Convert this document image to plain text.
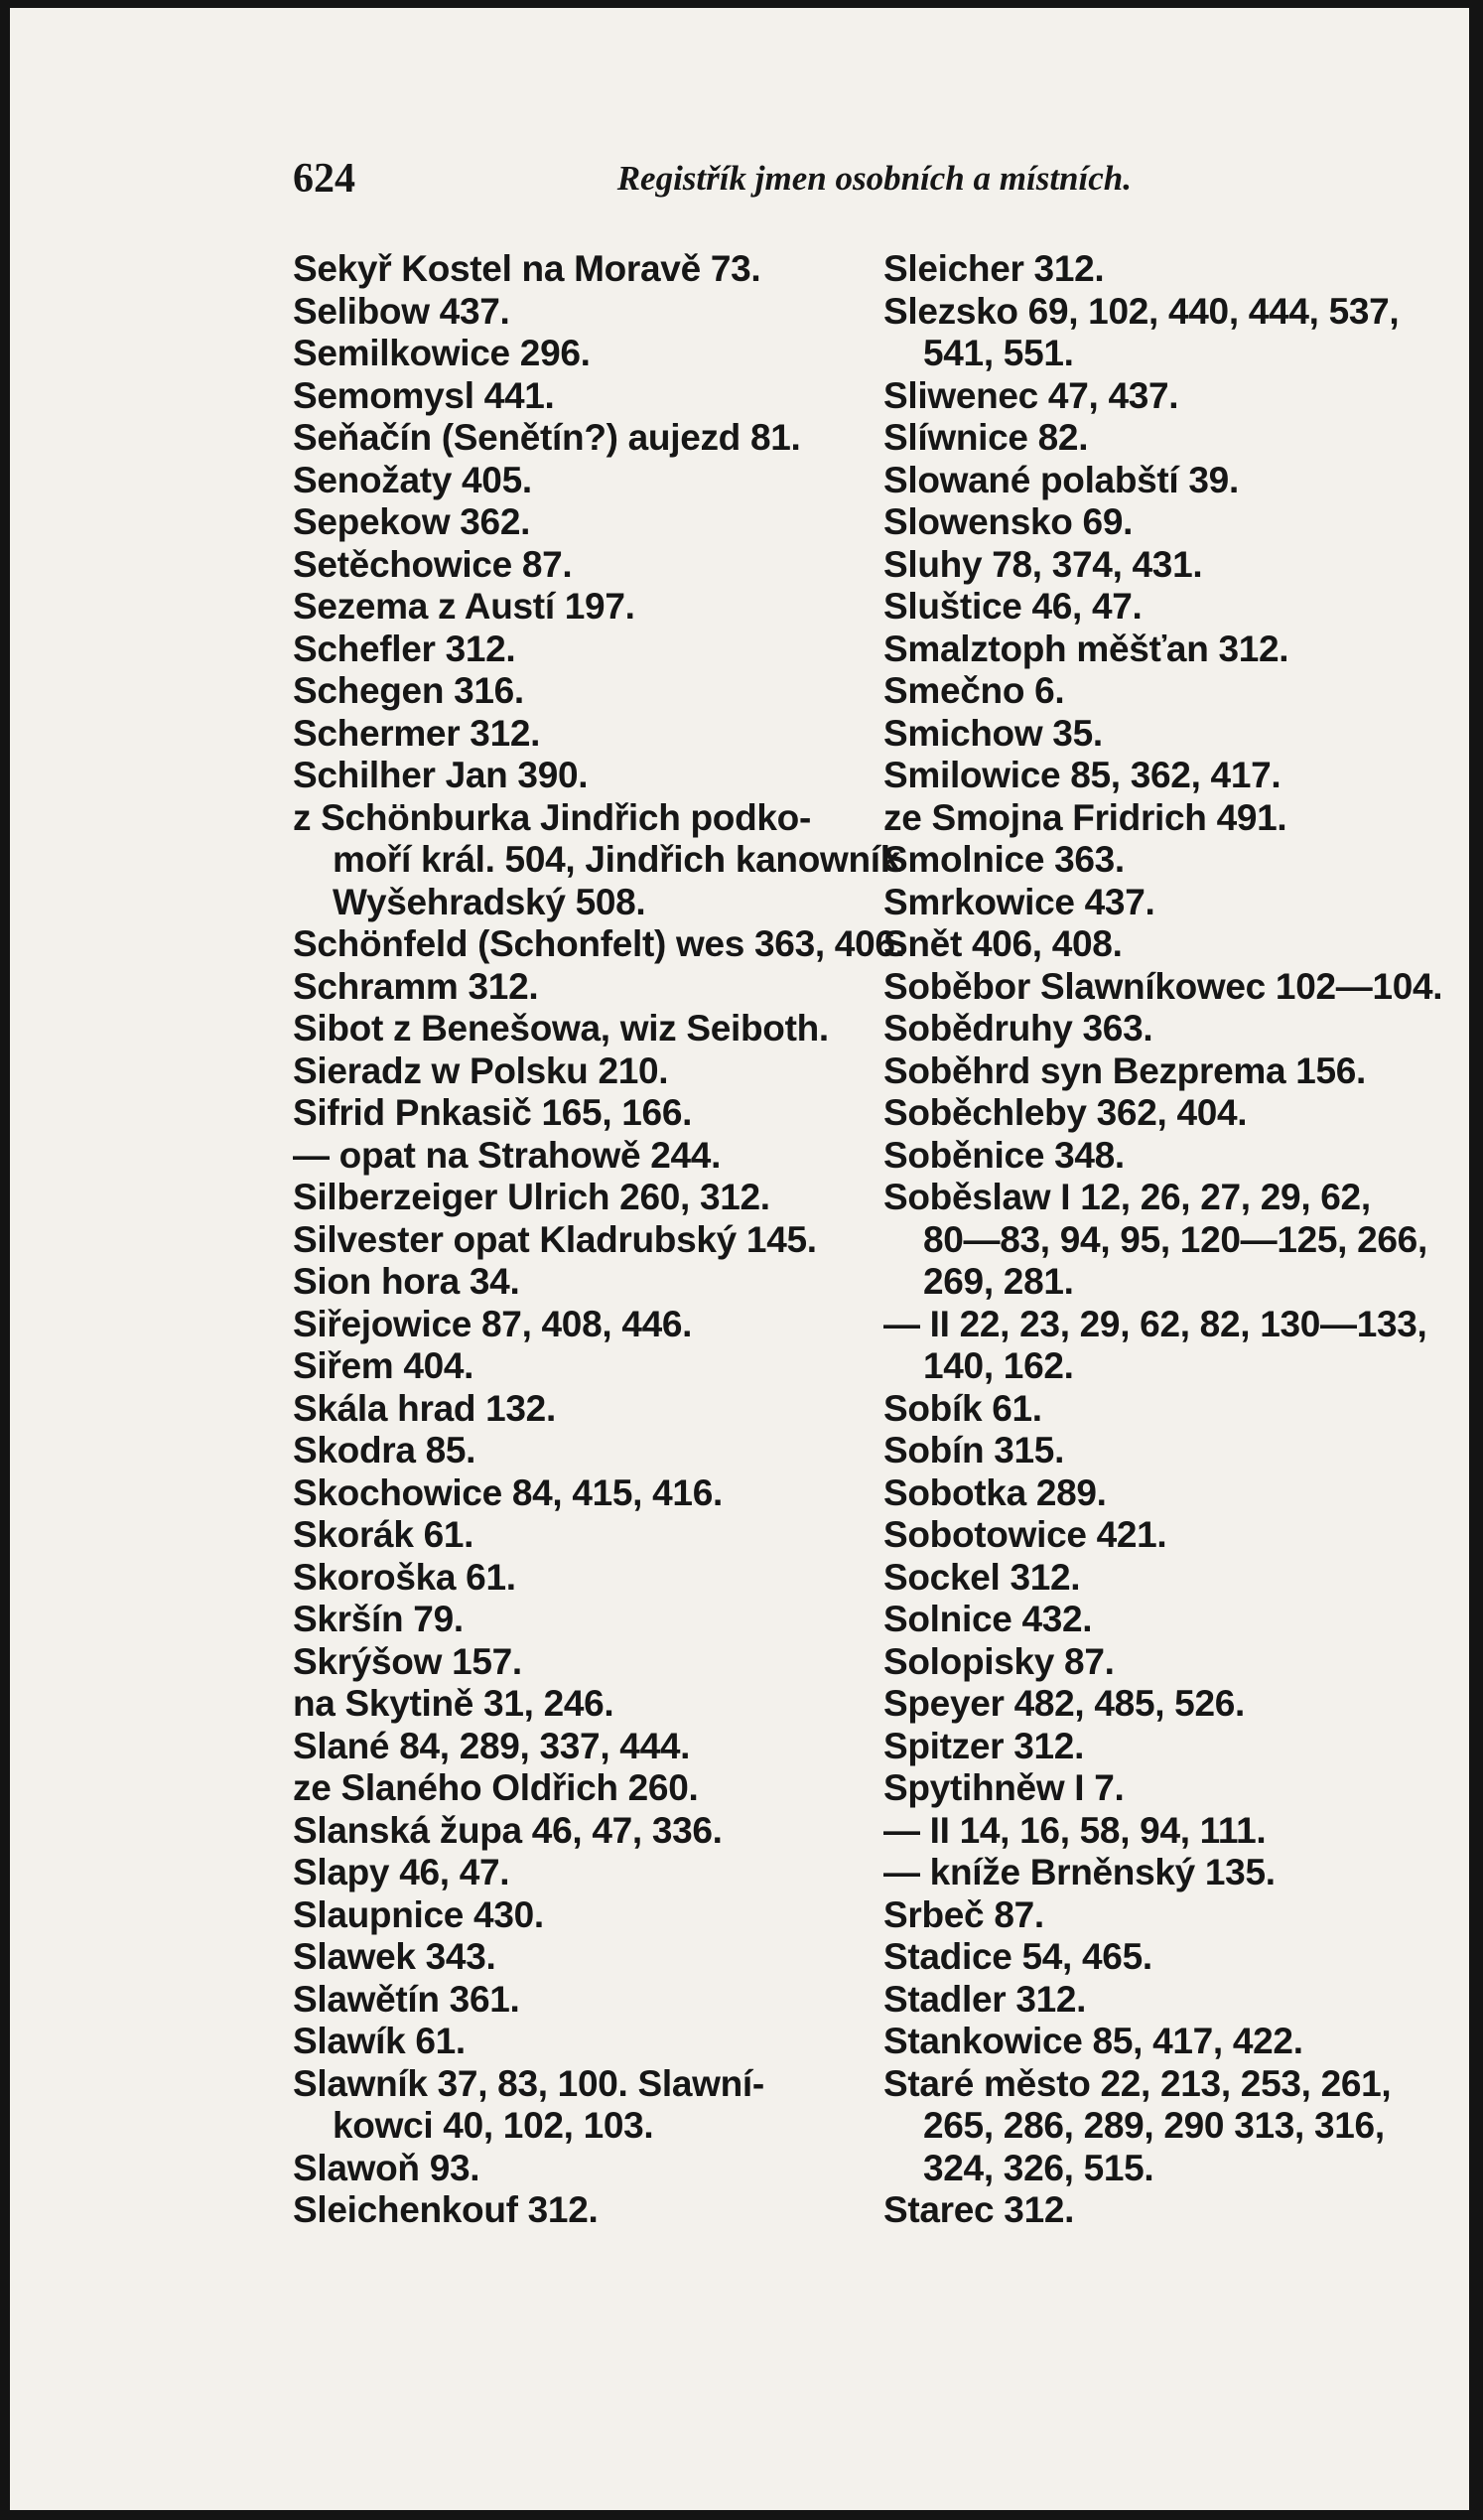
624	Registřík jmen osobních a místních.
Sekyř Kostel na Moravě 73.
Selibow 437.
Semilkowice 296.
Semomysl 441.
Seňačín (Senětín?) aujezd 81.
Senožaty 405.
Sepekow 362.
Setěchowice 87.
Sezema z Austí 197.
Schefler 312.
Schegen 316.
Schermer 312.
Schilher Jan 390.
z Schönburka Jindřich podko-
moří král. 504, Jindřich kanowník
Wyšehradský 508.
Schönfeld (Schonfelt) wes 363, 406.
Schramm 312.
Sibot z Benešowa, wiz Seiboth.
Sieradz w Polsku 210.
Sifrid Pnkasič 165, 166.
— opat na Strahowě 244.
Silberzeiger Ulrich 260, 312.
Silvester opat Kladrubský 145.
Sion hora 34.
Siřejowice 87, 408, 446.
Siřem 404.
Skála hrad 132.
Skodra 85.
Skochowice 84, 415, 416.
Skorák 61.
Skoroška 61.
Skršín 79.
Skrýšow 157.
na Skytině 31, 246.
Slané 84, 289, 337, 444.
ze Slaného Oldřich 260.
Slanská župa 46, 47, 336.
Slapy 46, 47.
Slaupnice 430.
Slawek 343.
Slawětín 361.
Slawík 61.
Slawník 37, 83, 100. Slawní-
kowci 40, 102, 103.
Slawoň 93.
Sleichenkouf 312.
Sleicher 312.
Slezsko 69, 102, 440, 444, 537,
541, 551.
Sliwenec 47, 437.
Slíwnice 82.
Slowané polabští 39.
Slowensko 69.
Sluhy 78, 374, 431.
Sluštice 46, 47.
Smalztoph měšťan 312.
Smečno 6.
Smichow 35.
Smilowice 85, 362, 417.
ze Smojna Fridrich 491.
Smolnice 363.
Smrkowice 437.
Snět 406, 408.
Soběbor Slawníkowec 102—104.
Sobědruhy 363.
Soběhrd syn Bezprema 156.
Soběchleby 362, 404.
Soběnice 348.
Soběslaw I 12, 26, 27, 29, 62,
80—83, 94, 95, 120—125, 266,
269, 281.
— II 22, 23, 29, 62, 82, 130—133,
140, 162.
Sobík 61.
Sobín 315.
Sobotka 289.
Sobotowice 421.
Sockel 312.
Solnice 432.
Solopisky 87.
Speyer 482, 485, 526.
Spitzer 312.
Spytihněw I 7.
— II 14, 16, 58, 94, 111.
— kníže Brněnský 135.
Srbeč 87.
Stadice 54, 465.
Stadler 312.
Stankowice 85, 417, 422.
Staré město 22, 213, 253, 261,
265, 286, 289, 290 313, 316,
324, 326, 515.
Starec 312.
